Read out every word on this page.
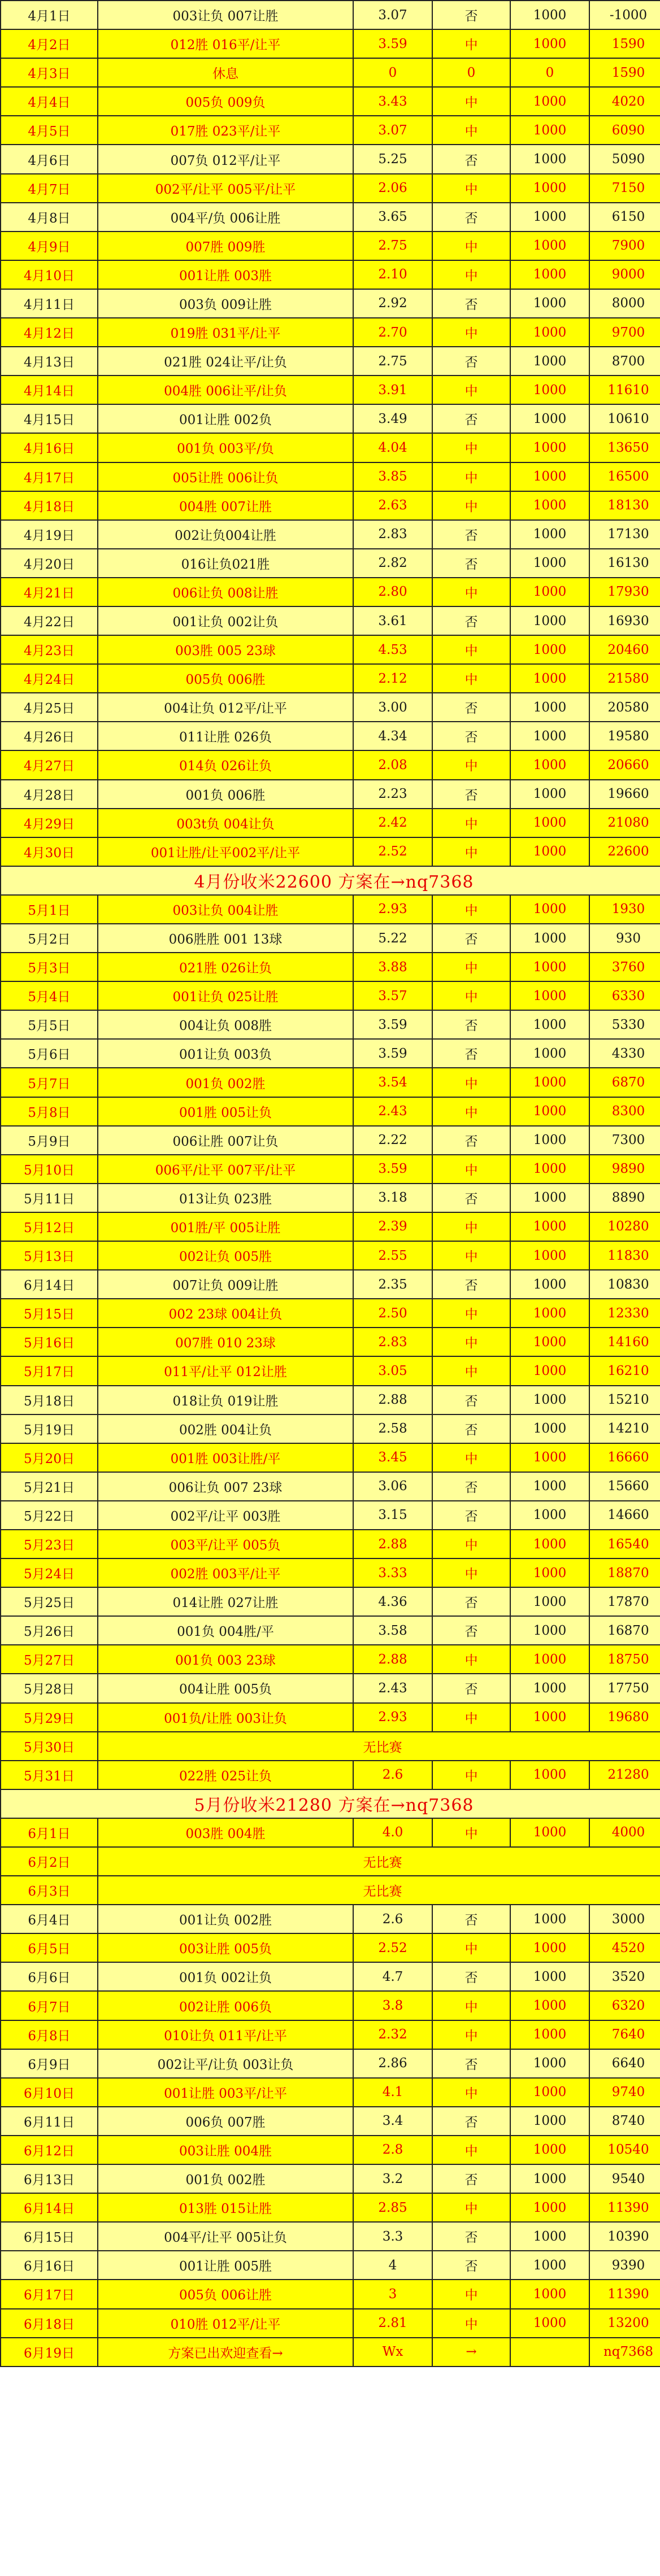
4月1日	003让负 007让胜	3.07	否	1000	-1000
4月2日	012胜 016平/让平	3.59	中	1000	1590
4月3日	休息	0	0	0	1590
4月4日	005负 009负	3.43	中	1000	4020
4月5日	017胜 023平/让平	3.07	中	1000	6090
4月6日	007负 012平/让平	5.25	否	1000	5090
4月7日	002平/让平 005平/让平	2.06	中	1000	7150
4月8日	004平/负 006让胜	3.65	否	1000	6150
4月9日	007胜 009胜	2.75	中	1000	7900
4月10日	001让胜 003胜	2.10	中	1000	9000
4月11日	003负 009让胜	2.92	否	1000	8000
4月12日	019胜 031平/让平	2.70	中	1000	9700
4月13日	021胜 024让平/让负	2.75	否	1000	8700
4月14日	004胜 006让平/让负	3.91	中	1000	11610
4月15日	001让胜 002负	3.49	否	1000	10610
4月16日	001负 003平/负	4.04	中	1000	13650
4月17日	005让胜 006让负	3.85	中	1000	16500
4月18日	004胜 007让胜	2.63	中	1000	18130
4月19日	002让负004让胜	2.83	否	1000	17130
4月20日	016让负021胜	2.82	否	1000	16130
4月21日	006让负 008让胜	2.80	中	1000	17930
4月22日	001让负 002让负	3.61	否	1000	16930
4月23日	003胜 005 23球	4.53	中	1000	20460
4月24日	005负 006胜	2.12	中	1000	21580
4月25日	004让负 012平/让平	3.00	否	1000	20580
4月26日	011让胜 026负	4.34	否	1000	19580
4月27日	014负 026让负	2.08	中	1000	20660
4月28日	001负 006胜	2.23	否	1000	19660
4月29日	003t负 004让负	2.42	中	1000	21080
4月30日	001让胜/让平002平/让平	2.52	中	1000	22600
4月份收米22600 方案在→nq7368					
5月1日	003让负 004让胜	2.93	中	1000	1930
5月2日	006胜胜 001 13球	5.22	否	1000	930
5月3日	021胜 026让负	3.88	中	1000	3760
5月4日	001让负 025让胜	3.57	中	1000	6330
5月5日	004让负 008胜	3.59	否	1000	5330
5月6日	001让负 003负	3.59	否	1000	4330
5月7日	001负 002胜	3.54	中	1000	6870
5月8日	001胜 005让负	2.43	中	1000	8300
5月9日	006让胜 007让负	2.22	否	1000	7300
5月10日	006平/让平 007平/让平	3.59	中	1000	9890
5月11日	013让负 023胜	3.18	否	1000	8890
5月12日	001胜/平 005让胜	2.39	中	1000	10280
5月13日	002让负 005胜	2.55	中	1000	11830
6月14日	007让负 009让胜	2.35	否	1000	10830
5月15日	002 23球 004让负	2.50	中	1000	12330
5月16日	007胜 010 23球	2.83	中	1000	14160
5月17日	011平/让平 012让胜	3.05	中	1000	16210
5月18日	018让负 019让胜	2.88	否	1000	15210
5月19日	002胜 004让负	2.58	否	1000	14210
5月20日	001胜 003让胜/平	3.45	中	1000	16660
5月21日	006让负 007 23球	3.06	否	1000	15660
5月22日	002平/让平 003胜	3.15	否	1000	14660
5月23日	003平/让平 005负	2.88	中	1000	16540
5月24日	002胜 003平/让平	3.33	中	1000	18870
5月25日	014让胜 027让胜	4.36	否	1000	17870
5月26日	001负 004胜/平	3.58	否	1000	16870
5月27日	001负 003 23球	2.88	中	1000	18750
5月28日	004让胜 005负	2.43	否	1000	17750
5月29日	001负/让胜 003让负	2.93	中	1000	19680
5月30日	无比赛				
5月31日	022胜 025让负	2.6	中	1000	21280
5月份收米21280 方案在→nq7368					
6月1日	003胜 004胜	4.0	中	1000	4000
6月2日	无比赛				
6月3日	无比赛				
6月4日	001让负 002胜	2.6	否	1000	3000
6月5日	003让胜 005负	2.52	中	1000	4520
6月6日	001负 002让负	4.7	否	1000	3520
6月7日	002让胜 006负	3.8	中	1000	6320
6月8日	010让负 011平/让平	2.32	中	1000	7640
6月9日	002让平/让负 003让负	2.86	否	1000	6640
6月10日	001让胜 003平/让平	4.1	中	1000	9740
6月11日	006负 007胜	3.4	否	1000	8740
6月12日	003让胜 004胜	2.8	中	1000	10540
6月13日	001负 002胜	3.2	否	1000	9540
6月14日	013胜 015让胜	2.85	中	1000	11390
6月15日	004平/让平 005让负	3.3	否	1000	10390
6月16日	001让胜 005胜	4	否	1000	9390
6月17日	005负 006让胜	3	中	1000	11390
6月18日	010胜 012平/让平	2.81	中	1000	13200
6月19日	方案已出欢迎查看→	Wx	→		nq7368
